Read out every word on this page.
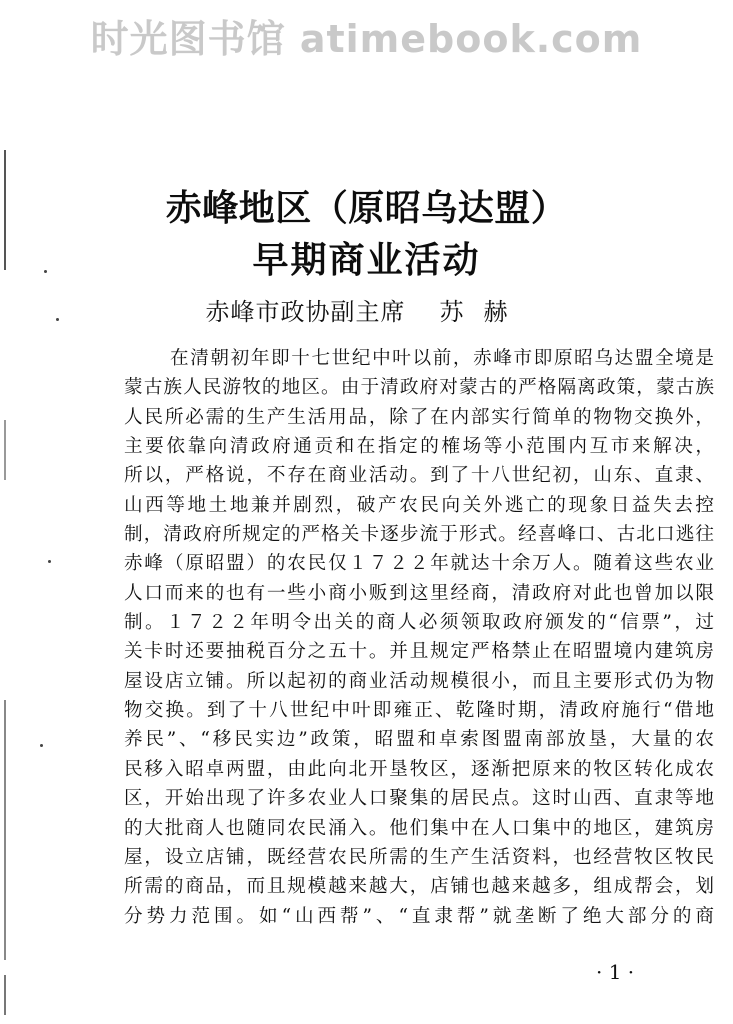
时光图书馆 atimebook.com
赤峰地区（原昭乌达盟）
早期商业活动
赤峰市政协副主席 苏赫
在清朝初年即十七世纪中叶以前，赤峰市即原昭乌达盟全境是
蒙古族人民游牧的地区。由于清政府对蒙古的严格隔离政策，蒙古族
人民所必需的生产生活用品，除了在内部实行简单的物物交换外，
主要依靠向清政府通贡和在指定的榷场等小范围内互市来解决，
所以，严格说，不存在商业活动。到了十八世纪初，山东、直隶、
山西等地土地兼并剧烈，破产农民向关外逃亡的现象日益失去控
制，清政府所规定的严格关卡逐步流于形式。经喜峰口、古北口逃往
赤峰（原昭盟）的农民仅１７２２年就达十余万人。随着这些农业
人口而来的也有一些小商小贩到这里经商，清政府对此也曾加以限
制。１７２２年明令出关的商人必须领取政府颁发的“信票”，过
关卡时还要抽税百分之五十。并且规定严格禁止在昭盟境内建筑房
屋设店立铺。所以起初的商业活动规模很小，而且主要形式仍为物
物交换。到了十八世纪中叶即雍正、乾隆时期，清政府施行“借地
养民”、“移民实边”政策，昭盟和卓索图盟南部放垦，大量的农
民移入昭卓两盟，由此向北开垦牧区，逐渐把原来的牧区转化成农
区，开始出现了许多农业人口聚集的居民点。这时山西、直隶等地
的大批商人也随同农民涌入。他们集中在人口集中的地区，建筑房
屋，设立店铺，既经营农民所需的生产生活资料，也经营牧区牧民
所需的商品，而且规模越来越大，店铺也越来越多，组成帮会，划
分势力范围。如“山西帮”、“直隶帮”就垄断了绝大部分的商
· 1 ·
